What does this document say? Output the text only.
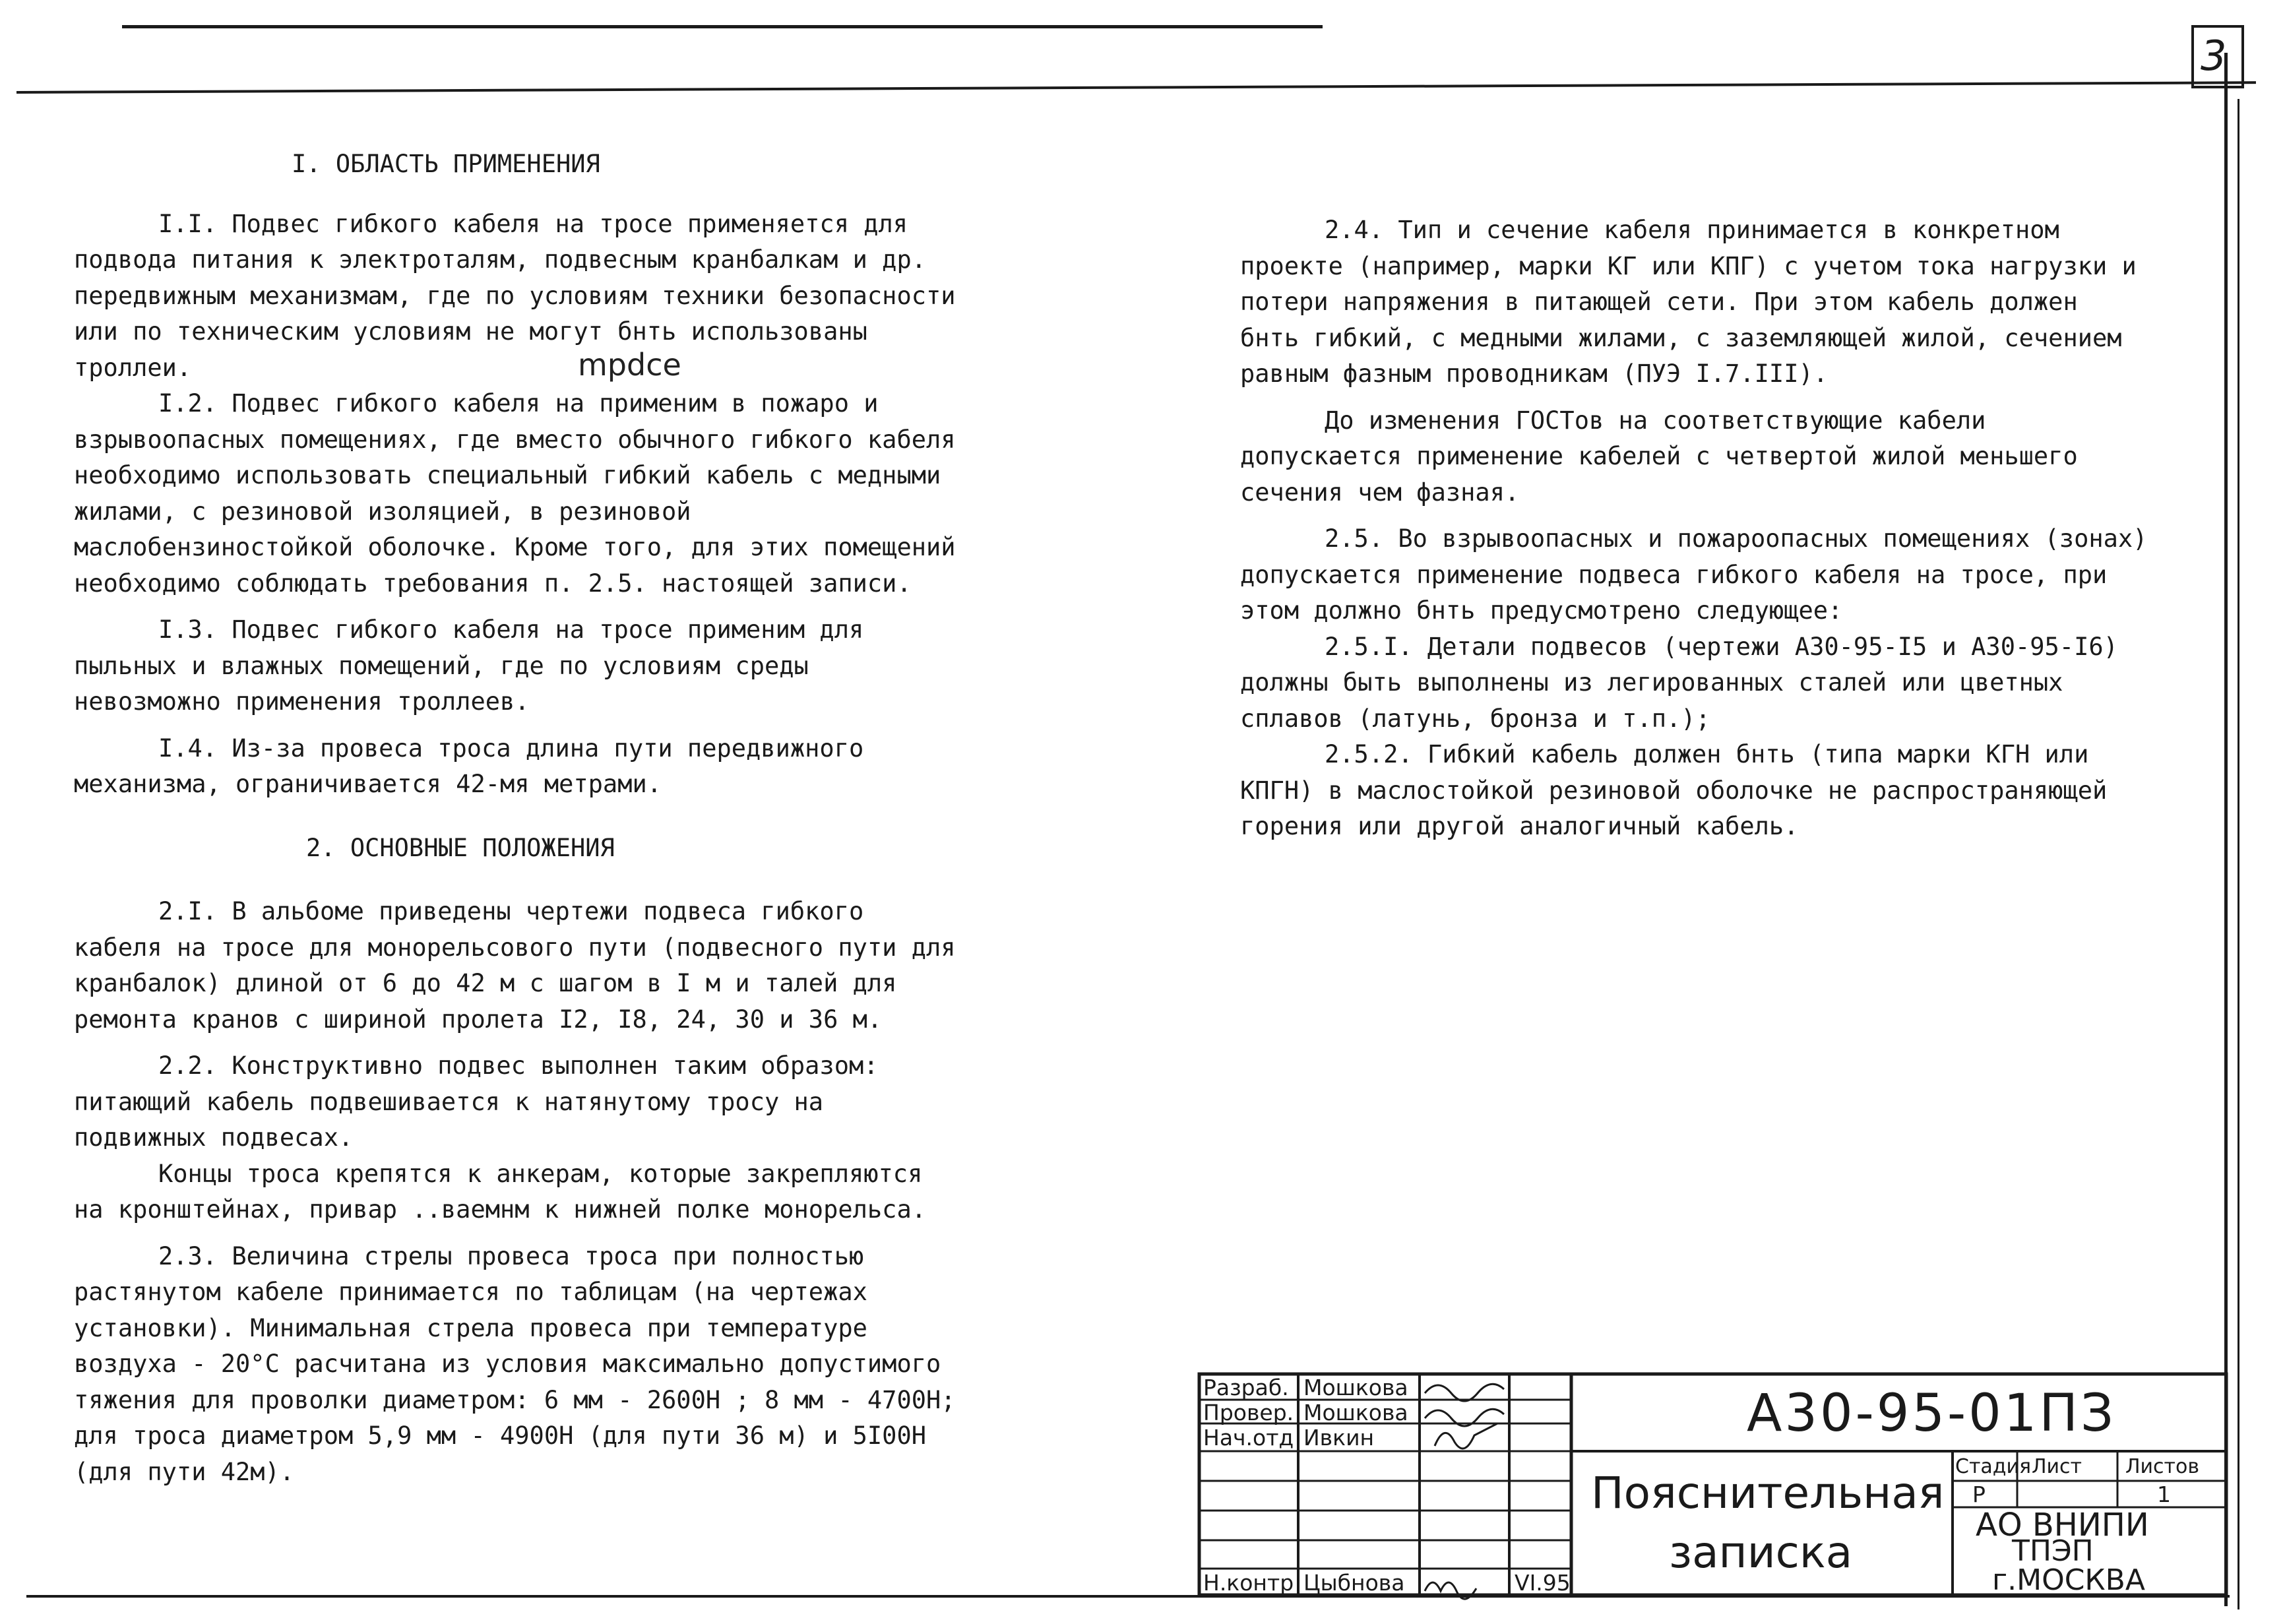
3
mpdce

I. ОБЛАСТЬ ПРИМЕНЕНИЯ

I.I. Подвес гибкого кабеля на тросе применяется для подвода питания к электроталям, подвесным кранбалкам и др. передвижным механизмам, где по условиям техники безопасности или по техническим условиям не могут бнть использованы троллеи.

I.2. Подвес гибкого кабеля на применим в пожаро и взрывоопасных помещениях, где вместо обычного гибкого кабеля необходимо использовать специальный гибкий кабель с медными жилами, с резиновой изоляцией, в резиновой маслобензиностойкой оболочке. Кроме того, для этих помещений необходимо соблюдать требования п. 2.5. настоящей записи.

I.3. Подвес гибкого кабеля на тросе применим для пыльных и влажных помещений, где по условиям среды невозможно применения троллеев.

I.4. Из-за провеса троса длина пути передвижного механизма, ограничивается 42-мя метрами.

2. ОСНОВНЫЕ ПОЛОЖЕНИЯ

2.I. В альбоме приведены чертежи подвеса гибкого кабеля на тросе для монорельсового пути (подвесного пути для кранбалок) длиной от 6 до 42 м с шагом в I м и талей для ремонта кранов с шириной пролета I2, I8, 24, 30 и 36 м.

2.2. Конструктивно подвес выполнен таким образом: питающий кабель подвешивается к натянутому тросу на подвижных подвесах.

Концы троса крепятся к анкерам, которые закрепляются на кронштейнах, привар ..ваемнм к нижней полке монорельса.

2.3. Величина стрелы провеса троса при полностью растянутом кабеле принимается по таблицам (на чертежах установки). Минимальная стрела провеса при температуре воздуха - 20°С расчитана из условия максимально допустимого тяжения для проволки диаметром: 6 мм - 2600Н ; 8 мм - 4700Н; для троса диаметром 5,9 мм - 4900Н (для пути 36 м) и 5I00Н (для пути 42м).

2.4. Тип и сечение кабеля принимается в конкретном проекте (например, марки КГ или КПГ) с учетом тока нагрузки и потери напряжения в питающей сети. При этом кабель должен бнть гибкий, с медными жилами, с заземляющей жилой, сечением равным фазным проводникам (ПУЭ I.7.III).

До изменения ГОСТов на соответствующие кабели допускается применение кабелей с четвертой жилой меньшего сечения чем фазная.

2.5. Во взрывоопасных и пожароопасных помещениях (зонах) допускается применение подвеса гибкого кабеля на тросе, при этом должно бнть предусмотрено следующее:

2.5.I. Детали подвесов (чертежи А30-95-I5 и А30-95-I6) должны быть выполнены из легированных сталей или цветных сплавов (латунь, бронза и т.п.);

2.5.2. Гибкий кабель должен бнть (типа марки КГН или КПГН) в маслостойкой резиновой оболочке не распространяющей горения или другой аналогичный кабель.

Разраб. Мошкова
Провер. Мошкова
Нач.отд Ивкин
Н.контр Цыбнова	VI.95
А30-95-01ПЗ
Пояснительная
записка
Стадия Лист Листов
Р	1
АО ВНИПИ
ТПЭП
г.МОСКВА
